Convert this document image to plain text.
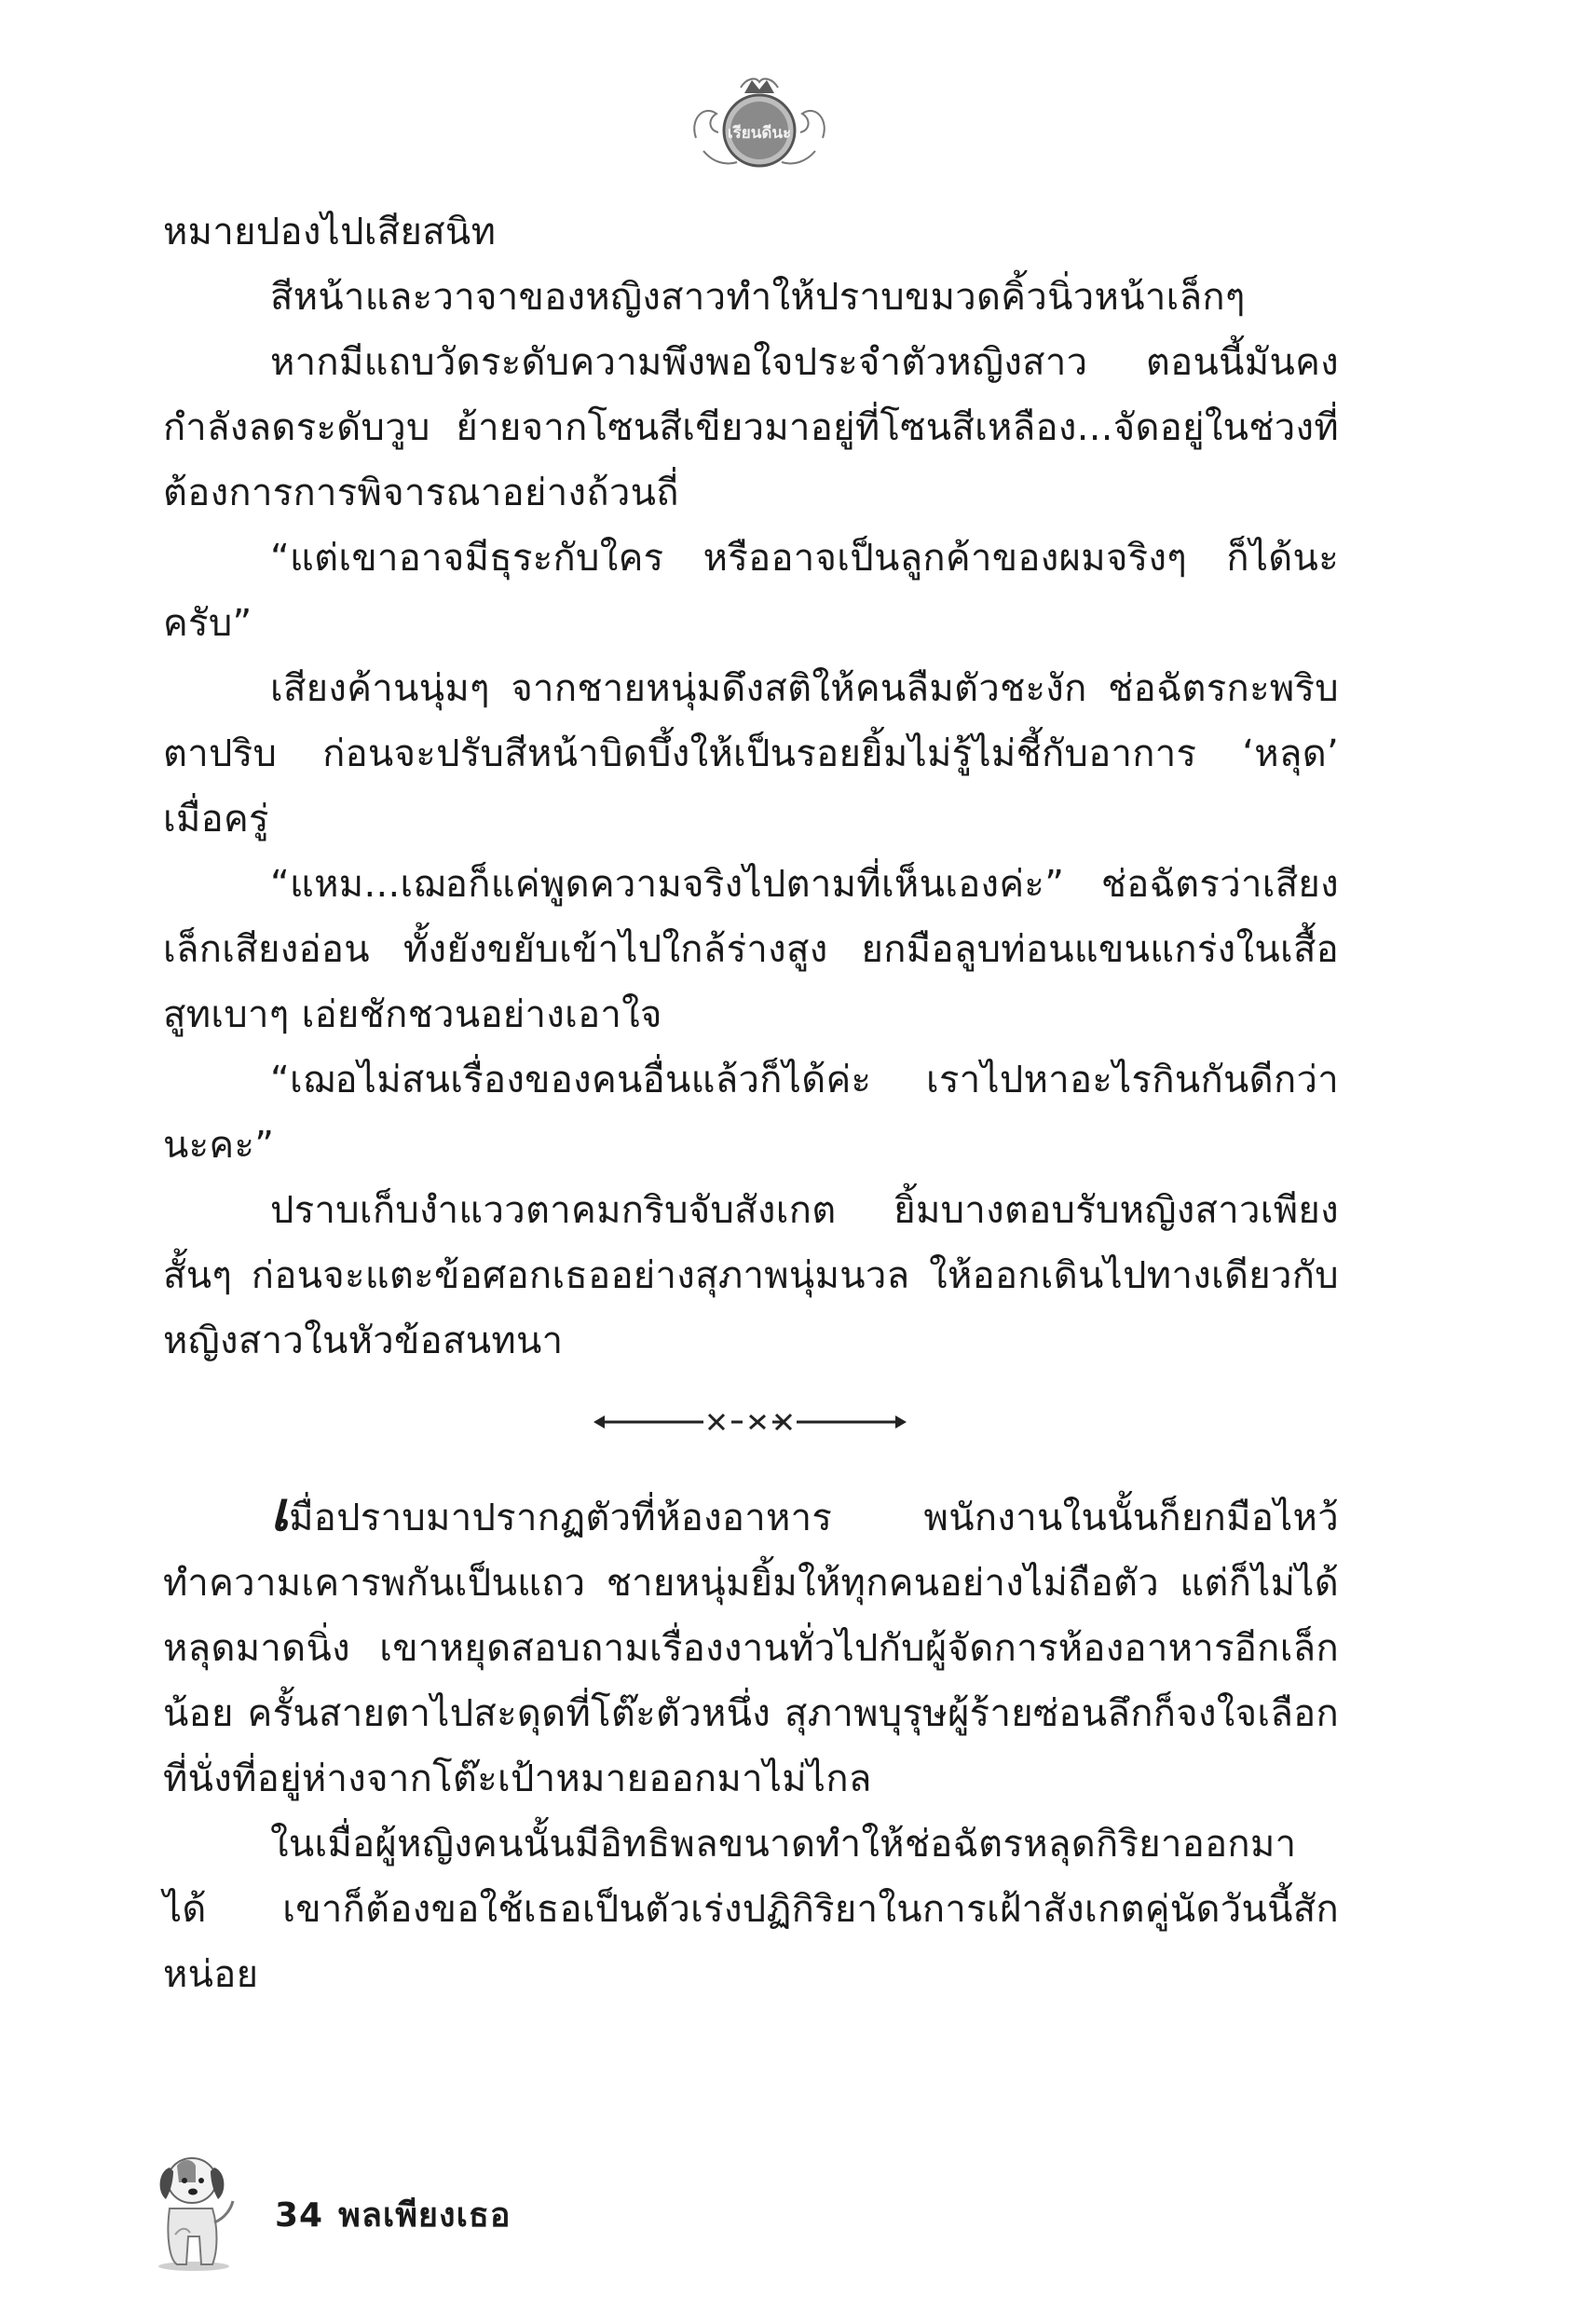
เรียนดีนะ

หมายปองไปเสียสนิท

สีหน้าและวาจาของหญิงสาวทำให้ปราบขมวดคิ้วนิ่วหน้าเล็กๆ

หากมีแถบวัดระดับความพึงพอใจประจำตัวหญิงสาว ตอนนี้มันคงกำลังลดระดับวูบ ย้ายจากโซนสีเขียวมาอยู่ที่โซนสีเหลือง...จัดอยู่ในช่วงที่ต้องการการพิจารณาอย่างถ้วนถี่

“แต่เขาอาจมีธุระกับใคร หรืออาจเป็นลูกค้าของผมจริงๆ ก็ได้นะครับ”

เสียงค้านนุ่มๆ จากชายหนุ่มดึงสติให้คนลืมตัวชะงัก ช่อฉัตรกะพริบตาปริบ ก่อนจะปรับสีหน้าบิดบึ้งให้เป็นรอยยิ้มไม่รู้ไม่ชี้กับอาการ ‘หลุด’ เมื่อครู่

“แหม...เฌอก็แค่พูดความจริงไปตามที่เห็นเองค่ะ” ช่อฉัตรว่าเสียงเล็กเสียงอ่อน ทั้งยังขยับเข้าไปใกล้ร่างสูง ยกมือลูบท่อนแขนแกร่งในเสื้อสูทเบาๆ เอ่ยชักชวนอย่างเอาใจ

“เฌอไม่สนเรื่องของคนอื่นแล้วก็ได้ค่ะ เราไปหาอะไรกินกันดีกว่านะคะ”

ปราบเก็บงำแววตาคมกริบจับสังเกต ยิ้มบางตอบรับหญิงสาวเพียงสั้นๆ ก่อนจะแตะข้อศอกเธออย่างสุภาพนุ่มนวล ให้ออกเดินไปทางเดียวกับหญิงสาวในหัวข้อสนทนา

เมื่อปราบมาปรากฏตัวที่ห้องอาหาร พนักงานในนั้นก็ยกมือไหว้ทำความเคารพกันเป็นแถว ชายหนุ่มยิ้มให้ทุกคนอย่างไม่ถือตัว แต่ก็ไม่ได้หลุดมาดนิ่ง เขาหยุดสอบถามเรื่องงานทั่วไปกับผู้จัดการห้องอาหารอีกเล็กน้อย ครั้นสายตาไปสะดุดที่โต๊ะตัวหนึ่ง สุภาพบุรุษผู้ร้ายซ่อนลึกก็จงใจเลือกที่นั่งที่อยู่ห่างจากโต๊ะเป้าหมายออกมาไม่ไกล

ในเมื่อผู้หญิงคนนั้นมีอิทธิพลขนาดทำให้ช่อฉัตรหลุดกิริยาออกมาได้ เขาก็ต้องขอใช้เธอเป็นตัวเร่งปฏิกิริยาในการเฝ้าสังเกตคู่นัดวันนี้สักหน่อย

34 พลเพียงเธอ
